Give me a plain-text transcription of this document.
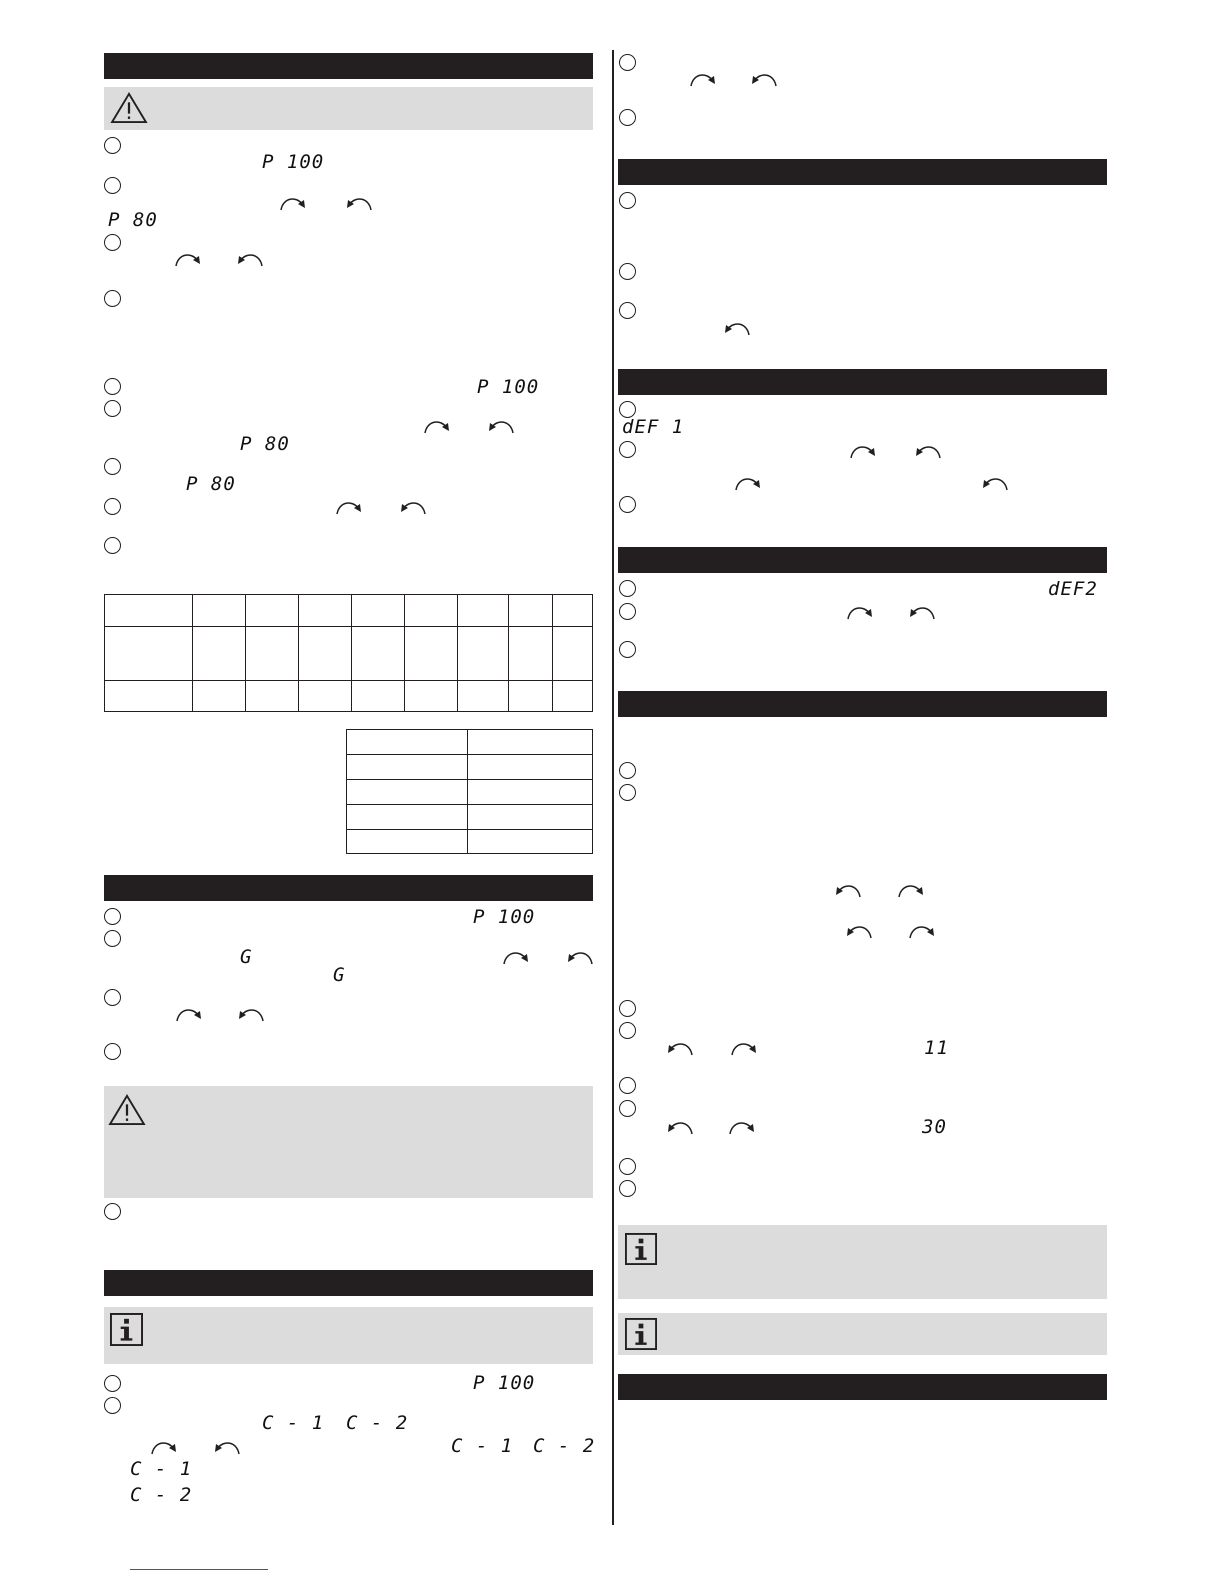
P 100
P 80
P 100
P 80
P 80

P 100
G
G
P 100
C - 1 C - 2
C - 1 C - 2
C - 1
C - 2
dEF 1
dEF2
11
30
